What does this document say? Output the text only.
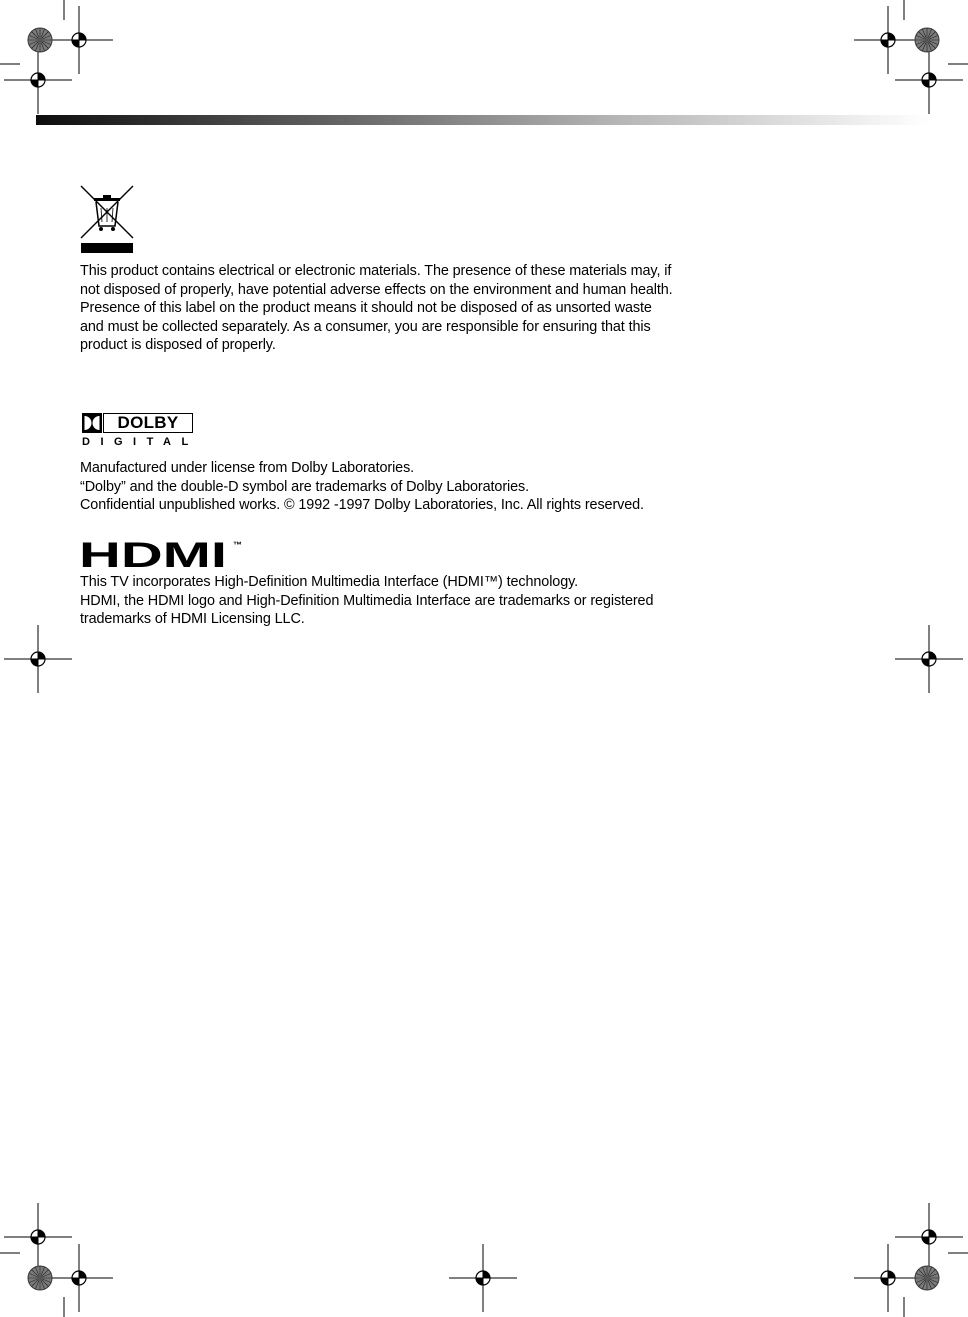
This product contains electrical or electronic materials. The presence of these materials may, if
not disposed of properly, have potential adverse effects on the environment and human health.
Presence of this label on the product means it should not be disposed of as unsorted waste
and must be collected separately. As a consumer, you are responsible for ensuring that this
product is disposed of properly.

DOLBY
DIGITAL

Manufactured under license from Dolby Laboratories.
“Dolby” and the double-D symbol are trademarks of Dolby Laboratories.
Confidential unpublished works. © 1992 -1997 Dolby Laboratories, Inc. All rights reserved.

HDMI ™

This TV incorporates High-Definition Multimedia Interface (HDMI™) technology.
HDMI, the HDMI logo and High-Definition Multimedia Interface are trademarks or registered
trademarks of HDMI Licensing LLC.
